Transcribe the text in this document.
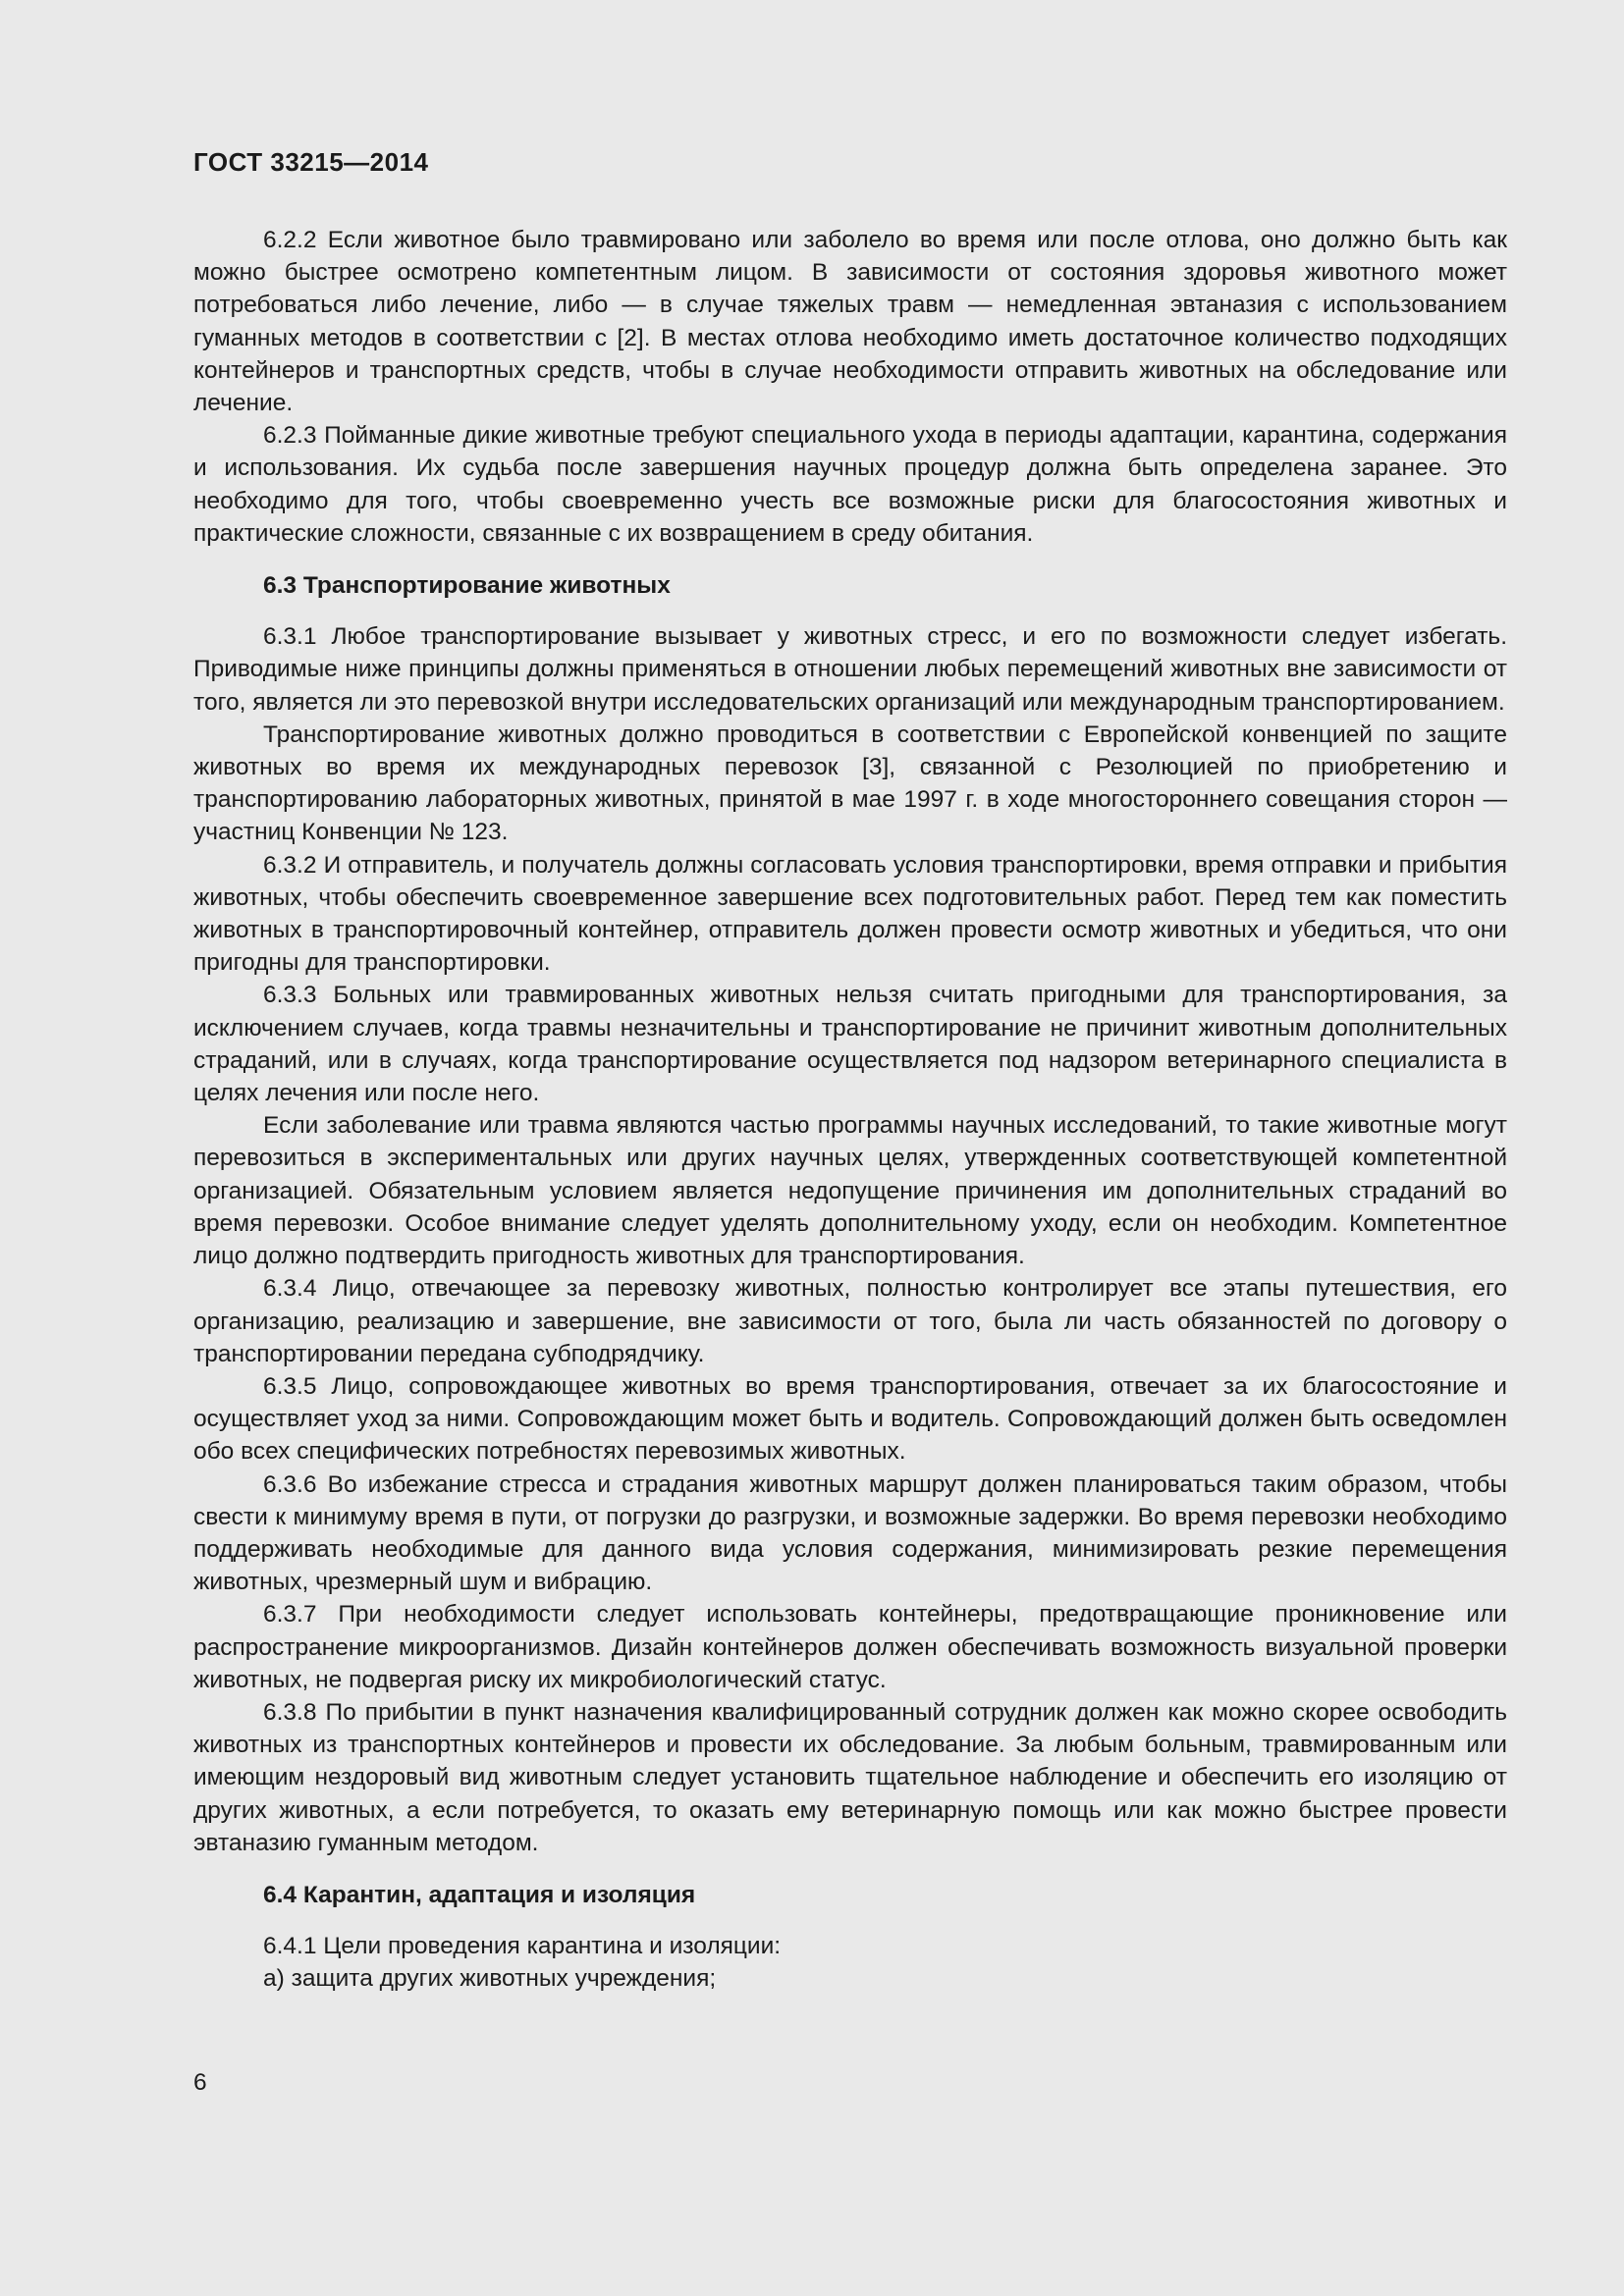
ГОСТ 33215—2014

6.2.2 Если животное было травмировано или заболело во время или после отлова, оно должно быть как можно быстрее осмотрено компетентным лицом. В зависимости от состояния здоровья животного может потребоваться либо лечение, либо — в случае тяжелых травм — немедленная эвтаназия с использованием гуманных методов в соответствии с [2]. В местах отлова необходимо иметь достаточное количество подходящих контейнеров и транспортных средств, чтобы в случае необходимости отправить животных на обследование или лечение.

6.2.3 Пойманные дикие животные требуют специального ухода в периоды адаптации, карантина, содержания и использования. Их судьба после завершения научных процедур должна быть определена заранее. Это необходимо для того, чтобы своевременно учесть все возможные риски для благосостояния животных и практические сложности, связанные с их возвращением в среду обитания.

6.3 Транспортирование животных

6.3.1 Любое транспортирование вызывает у животных стресс, и его по возможности следует избегать. Приводимые ниже принципы должны применяться в отношении любых перемещений животных вне зависимости от того, является ли это перевозкой внутри исследовательских организаций или международным транспортированием.

Транспортирование животных должно проводиться в соответствии с Европейской конвенцией по защите животных во время их международных перевозок [3], связанной с Резолюцией по приобретению и транспортированию лабораторных животных, принятой в мае 1997 г. в ходе многостороннего совещания сторон — участниц Конвенции № 123.

6.3.2 И отправитель, и получатель должны согласовать условия транспортировки, время отправки и прибытия животных, чтобы обеспечить своевременное завершение всех подготовительных работ. Перед тем как поместить животных в транспортировочный контейнер, отправитель должен провести осмотр животных и убедиться, что они пригодны для транспортировки.

6.3.3 Больных или травмированных животных нельзя считать пригодными для транспортирования, за исключением случаев, когда травмы незначительны и транспортирование не причинит животным дополнительных страданий, или в случаях, когда транспортирование осуществляется под надзором ветеринарного специалиста в целях лечения или после него.

Если заболевание или травма являются частью программы научных исследований, то такие животные могут перевозиться в экспериментальных или других научных целях, утвержденных соответствующей компетентной организацией. Обязательным условием является недопущение причинения им дополнительных страданий во время перевозки. Особое внимание следует уделять дополнительному уходу, если он необходим. Компетентное лицо должно подтвердить пригодность животных для транспортирования.

6.3.4 Лицо, отвечающее за перевозку животных, полностью контролирует все этапы путешествия, его организацию, реализацию и завершение, вне зависимости от того, была ли часть обязанностей по договору о транспортировании передана субподрядчику.

6.3.5 Лицо, сопровождающее животных во время транспортирования, отвечает за их благосостояние и осуществляет уход за ними. Сопровождающим может быть и водитель. Сопровождающий должен быть осведомлен обо всех специфических потребностях перевозимых животных.

6.3.6 Во избежание стресса и страдания животных маршрут должен планироваться таким образом, чтобы свести к минимуму время в пути, от погрузки до разгрузки, и возможные задержки. Во время перевозки необходимо поддерживать необходимые для данного вида условия содержания, минимизировать резкие перемещения животных, чрезмерный шум и вибрацию.

6.3.7 При необходимости следует использовать контейнеры, предотвращающие проникновение или распространение микроорганизмов. Дизайн контейнеров должен обеспечивать возможность визуальной проверки животных, не подвергая риску их микробиологический статус.

6.3.8 По прибытии в пункт назначения квалифицированный сотрудник должен как можно скорее освободить животных из транспортных контейнеров и провести их обследование. За любым больным, травмированным или имеющим нездоровый вид животным следует установить тщательное наблюдение и обеспечить его изоляцию от других животных, а если потребуется, то оказать ему ветеринарную помощь или как можно быстрее провести эвтаназию гуманным методом.

6.4 Карантин, адаптация и изоляция
6.4.1 Цели проведения карантина и изоляции:
а) защита других животных учреждения;
6
